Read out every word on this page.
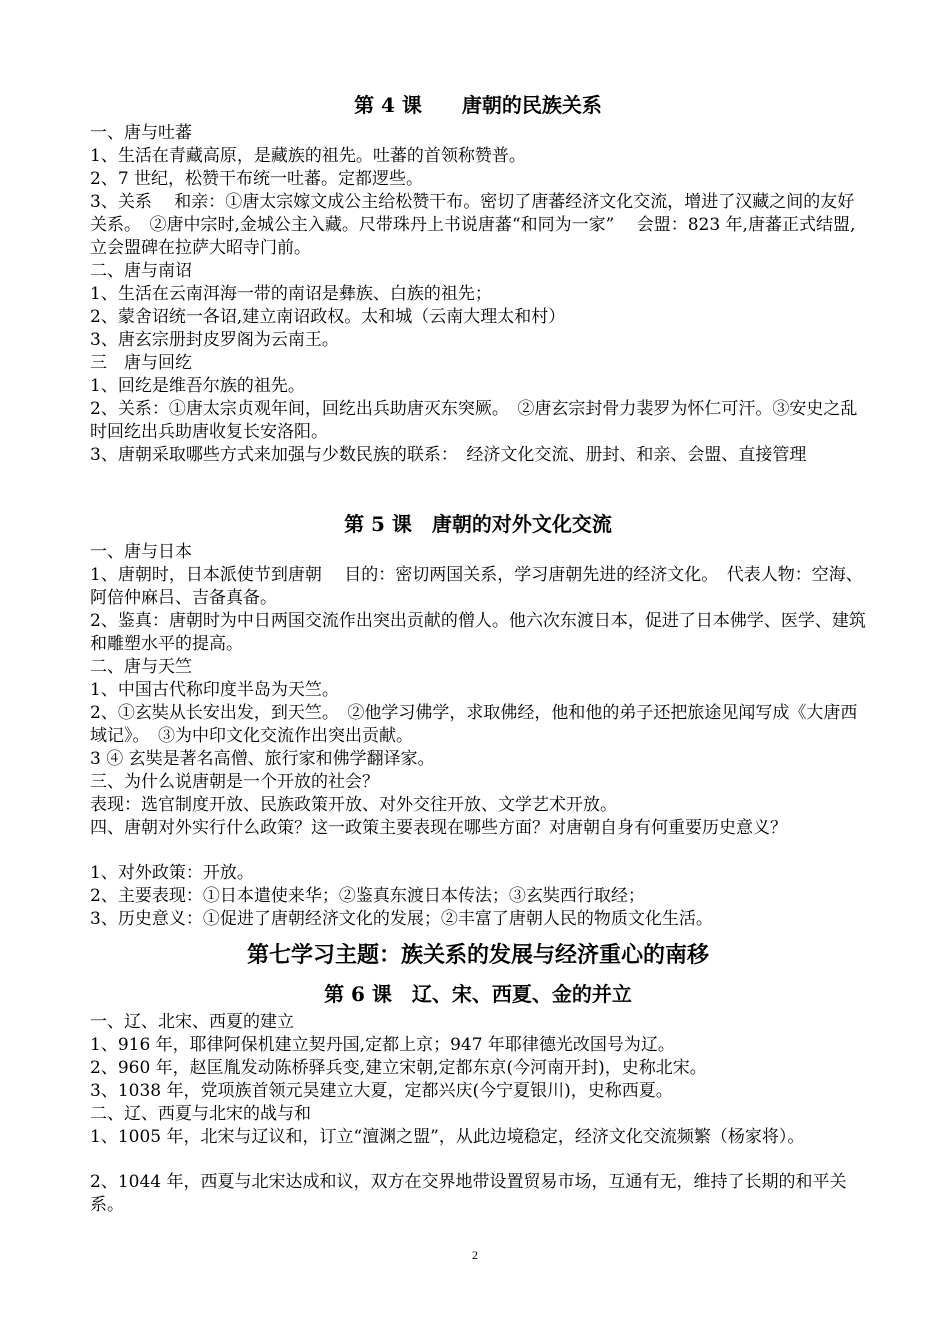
第 4 课　　唐朝的民族关系

一、唐与吐蕃

1、生活在青藏高原，是藏族的祖先。吐蕃的首领称赞普。

2、7 世纪，松赞干布统一吐蕃。定都逻些。

3、关系　 和亲：①唐太宗嫁文成公主给松赞干布。密切了唐蕃经济文化交流，增进了汉藏之间的友好关系。　②唐中宗时,金城公主入藏。尺带珠丹上书说唐蕃“和同为一家”　 会盟：823 年,唐蕃正式结盟,立会盟碑在拉萨大昭寺门前。

二、唐与南诏

1、生活在云南洱海一带的南诏是彝族、白族的祖先；

2、蒙舍诏统一各诏,建立南诏政权。太和城（云南大理太和村）

3、唐玄宗册封皮罗阁为云南王。

三　唐与回纥

1、回纥是维吾尔族的祖先。

2、关系：①唐太宗贞观年间，回纥出兵助唐灭东突厥。　②唐玄宗封骨力裴罗为怀仁可汗。③安史之乱时回纥出兵助唐收复长安洛阳。

3、唐朝采取哪些方式来加强与少数民族的联系：　经济文化交流、册封、和亲、会盟、直接管理

第 5 课　唐朝的对外文化交流

一、唐与日本

1、唐朝时，日本派使节到唐朝　 目的：密切两国关系，学习唐朝先进的经济文化。　代表人物：空海、阿倍仲麻吕、吉备真备。

2、鉴真：唐朝时为中日两国交流作出突出贡献的僧人。他六次东渡日本，促进了日本佛学、医学、建筑和雕塑水平的提高。

二、唐与天竺

1、中国古代称印度半岛为天竺。

2、①玄奘从长安出发，到天竺。　②他学习佛学，求取佛经，他和他的弟子还把旅途见闻写成《大唐西域记》。　③为中印文化交流作出突出贡献。

3 ④ 玄奘是著名高僧、旅行家和佛学翻译家。

三、为什么说唐朝是一个开放的社会？

表现：选官制度开放、民族政策开放、对外交往开放、文学艺术开放。

四、唐朝对外实行什么政策？这一政策主要表现在哪些方面？对唐朝自身有何重要历史意义？

1、对外政策：开放。

2、主要表现：①日本遣使来华；②鉴真东渡日本传法；③玄奘西行取经；

3、历史意义：①促进了唐朝经济文化的发展；②丰富了唐朝人民的物质文化生活。

第七学习主题：族关系的发展与经济重心的南移
第 6 课　辽、宋、西夏、金的并立

一、辽、北宋、西夏的建立

1、916 年，耶律阿保机建立契丹国,定都上京；947 年耶律德光改国号为辽。

2、960 年，赵匡胤发动陈桥驿兵变,建立宋朝,定都东京(今河南开封)，史称北宋。

3、1038 年，党项族首领元昊建立大夏，定都兴庆(今宁夏银川)，史称西夏。

二、辽、西夏与北宋的战与和

1、1005 年，北宋与辽议和，订立“澶渊之盟”，从此边境稳定，经济文化交流频繁（杨家将）。

2、1044 年，西夏与北宋达成和议，双方在交界地带设置贸易市场，互通有无，维持了长期的和平关系。

2
